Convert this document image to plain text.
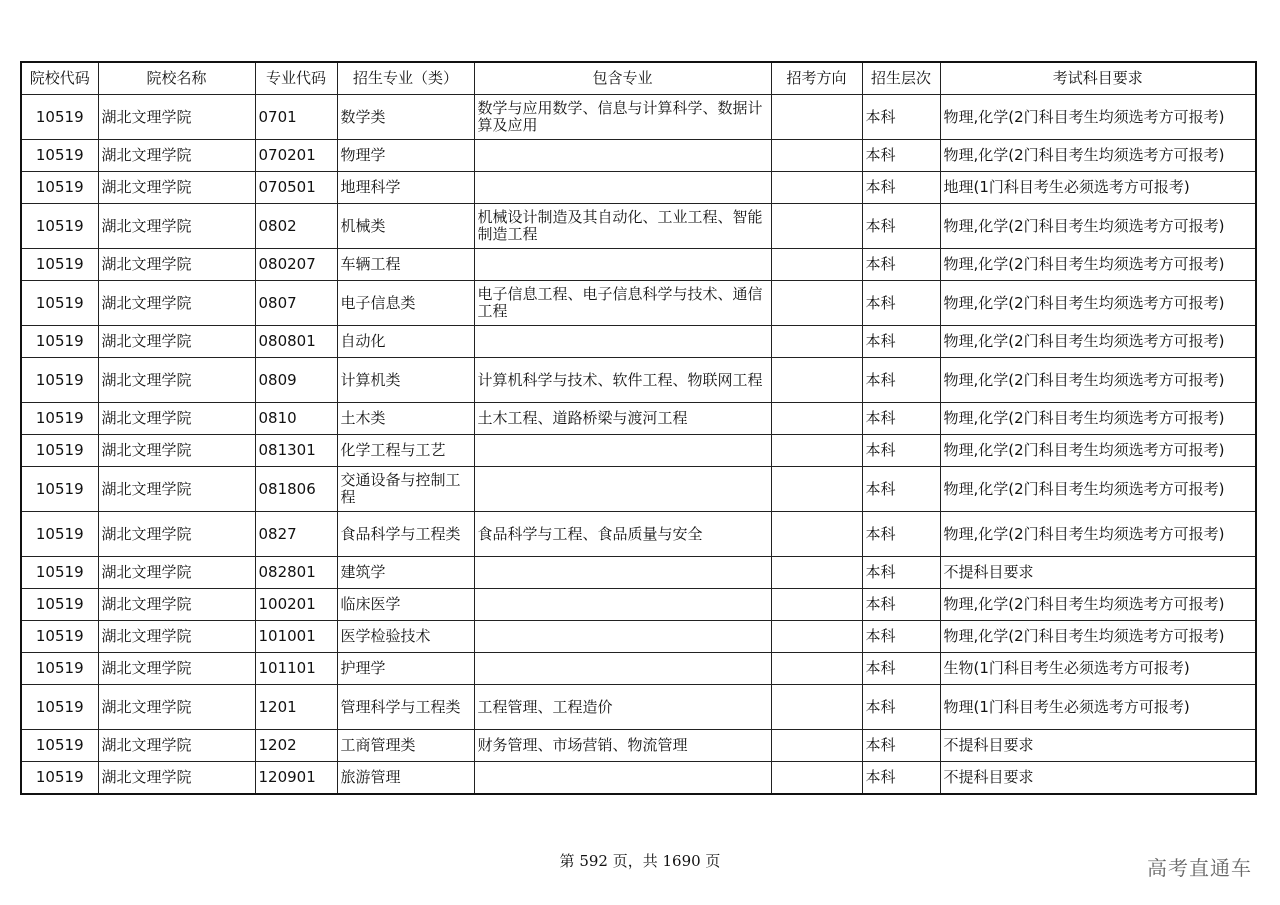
院校代码	院校名称	专业代码	招生专业（类）	包含专业	招考方向	招生层次	考试科目要求
10519	湖北文理学院	0701	数学类	数学与应用数学、信息与计算科学、数据计算及应用		本科	物理,化学(2门科目考生均须选考方可报考)
10519	湖北文理学院	070201	物理学			本科	物理,化学(2门科目考生均须选考方可报考)
10519	湖北文理学院	070501	地理科学			本科	地理(1门科目考生必须选考方可报考)
10519	湖北文理学院	0802	机械类	机械设计制造及其自动化、工业工程、智能制造工程		本科	物理,化学(2门科目考生均须选考方可报考)
10519	湖北文理学院	080207	车辆工程			本科	物理,化学(2门科目考生均须选考方可报考)
10519	湖北文理学院	0807	电子信息类	电子信息工程、电子信息科学与技术、通信工程		本科	物理,化学(2门科目考生均须选考方可报考)
10519	湖北文理学院	080801	自动化			本科	物理,化学(2门科目考生均须选考方可报考)
10519	湖北文理学院	0809	计算机类	计算机科学与技术、软件工程、物联网工程		本科	物理,化学(2门科目考生均须选考方可报考)
10519	湖北文理学院	0810	土木类	土木工程、道路桥梁与渡河工程		本科	物理,化学(2门科目考生均须选考方可报考)
10519	湖北文理学院	081301	化学工程与工艺			本科	物理,化学(2门科目考生均须选考方可报考)
10519	湖北文理学院	081806	交通设备与控制工程			本科	物理,化学(2门科目考生均须选考方可报考)
10519	湖北文理学院	0827	食品科学与工程类	食品科学与工程、食品质量与安全		本科	物理,化学(2门科目考生均须选考方可报考)
10519	湖北文理学院	082801	建筑学			本科	不提科目要求
10519	湖北文理学院	100201	临床医学			本科	物理,化学(2门科目考生均须选考方可报考)
10519	湖北文理学院	101001	医学检验技术			本科	物理,化学(2门科目考生均须选考方可报考)
10519	湖北文理学院	101101	护理学			本科	生物(1门科目考生必须选考方可报考)
10519	湖北文理学院	1201	管理科学与工程类	工程管理、工程造价		本科	物理(1门科目考生必须选考方可报考)
10519	湖北文理学院	1202	工商管理类	财务管理、市场营销、物流管理		本科	不提科目要求
10519	湖北文理学院	120901	旅游管理			本科	不提科目要求
第 592 页，共 1690 页	高考直通车
